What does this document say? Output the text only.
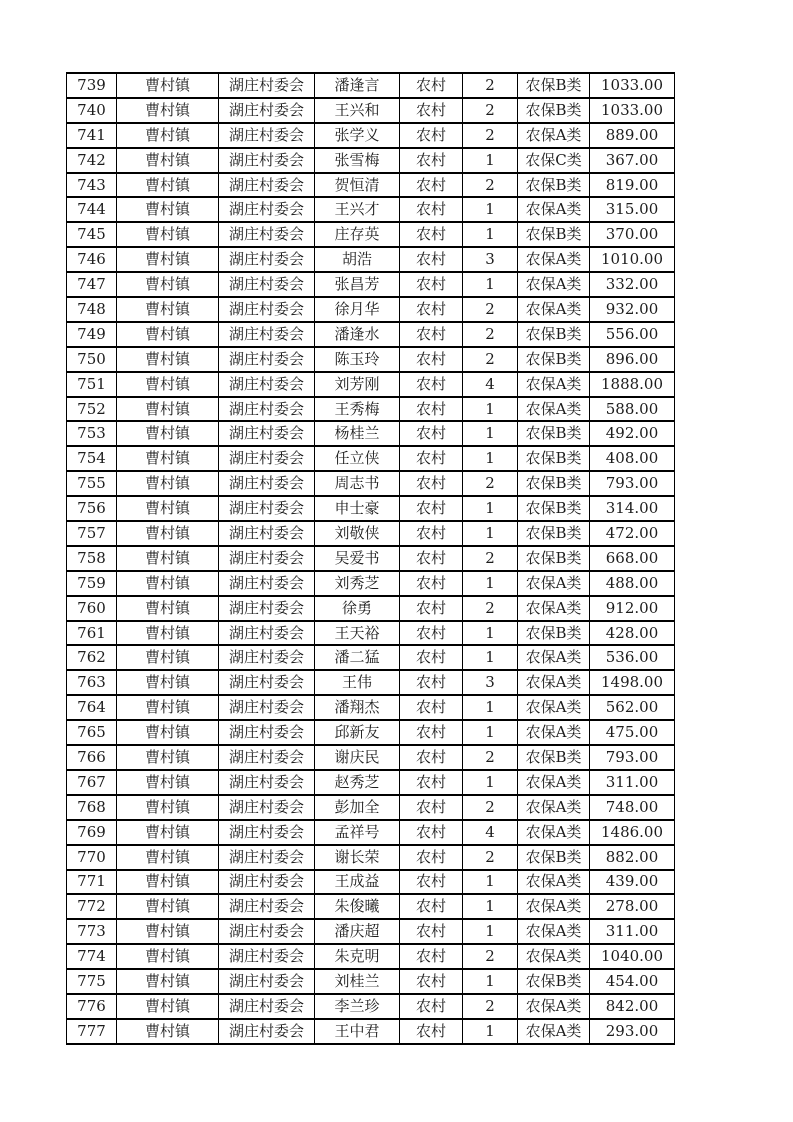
739	曹村镇	湖庄村委会	潘逢言	农村	2	农保B类	1033.00
740	曹村镇	湖庄村委会	王兴和	农村	2	农保B类	1033.00
741	曹村镇	湖庄村委会	张学义	农村	2	农保A类	889.00
742	曹村镇	湖庄村委会	张雪梅	农村	1	农保C类	367.00
743	曹村镇	湖庄村委会	贺恒清	农村	2	农保B类	819.00
744	曹村镇	湖庄村委会	王兴才	农村	1	农保A类	315.00
745	曹村镇	湖庄村委会	庄存英	农村	1	农保B类	370.00
746	曹村镇	湖庄村委会	胡浩	农村	3	农保A类	1010.00
747	曹村镇	湖庄村委会	张昌芳	农村	1	农保A类	332.00
748	曹村镇	湖庄村委会	徐月华	农村	2	农保A类	932.00
749	曹村镇	湖庄村委会	潘逢水	农村	2	农保B类	556.00
750	曹村镇	湖庄村委会	陈玉玲	农村	2	农保B类	896.00
751	曹村镇	湖庄村委会	刘芳刚	农村	4	农保A类	1888.00
752	曹村镇	湖庄村委会	王秀梅	农村	1	农保A类	588.00
753	曹村镇	湖庄村委会	杨桂兰	农村	1	农保B类	492.00
754	曹村镇	湖庄村委会	任立侠	农村	1	农保B类	408.00
755	曹村镇	湖庄村委会	周志书	农村	2	农保B类	793.00
756	曹村镇	湖庄村委会	申士豪	农村	1	农保B类	314.00
757	曹村镇	湖庄村委会	刘敬侠	农村	1	农保B类	472.00
758	曹村镇	湖庄村委会	吴爱书	农村	2	农保B类	668.00
759	曹村镇	湖庄村委会	刘秀芝	农村	1	农保A类	488.00
760	曹村镇	湖庄村委会	徐勇	农村	2	农保A类	912.00
761	曹村镇	湖庄村委会	王天裕	农村	1	农保B类	428.00
762	曹村镇	湖庄村委会	潘二猛	农村	1	农保A类	536.00
763	曹村镇	湖庄村委会	王伟	农村	3	农保A类	1498.00
764	曹村镇	湖庄村委会	潘翔杰	农村	1	农保A类	562.00
765	曹村镇	湖庄村委会	邱新友	农村	1	农保A类	475.00
766	曹村镇	湖庄村委会	谢庆民	农村	2	农保B类	793.00
767	曹村镇	湖庄村委会	赵秀芝	农村	1	农保A类	311.00
768	曹村镇	湖庄村委会	彭加全	农村	2	农保A类	748.00
769	曹村镇	湖庄村委会	孟祥号	农村	4	农保A类	1486.00
770	曹村镇	湖庄村委会	谢长荣	农村	2	农保B类	882.00
771	曹村镇	湖庄村委会	王成益	农村	1	农保A类	439.00
772	曹村镇	湖庄村委会	朱俊曦	农村	1	农保A类	278.00
773	曹村镇	湖庄村委会	潘庆超	农村	1	农保A类	311.00
774	曹村镇	湖庄村委会	朱克明	农村	2	农保A类	1040.00
775	曹村镇	湖庄村委会	刘桂兰	农村	1	农保B类	454.00
776	曹村镇	湖庄村委会	李兰珍	农村	2	农保A类	842.00
777	曹村镇	湖庄村委会	王中君	农村	1	农保A类	293.00
